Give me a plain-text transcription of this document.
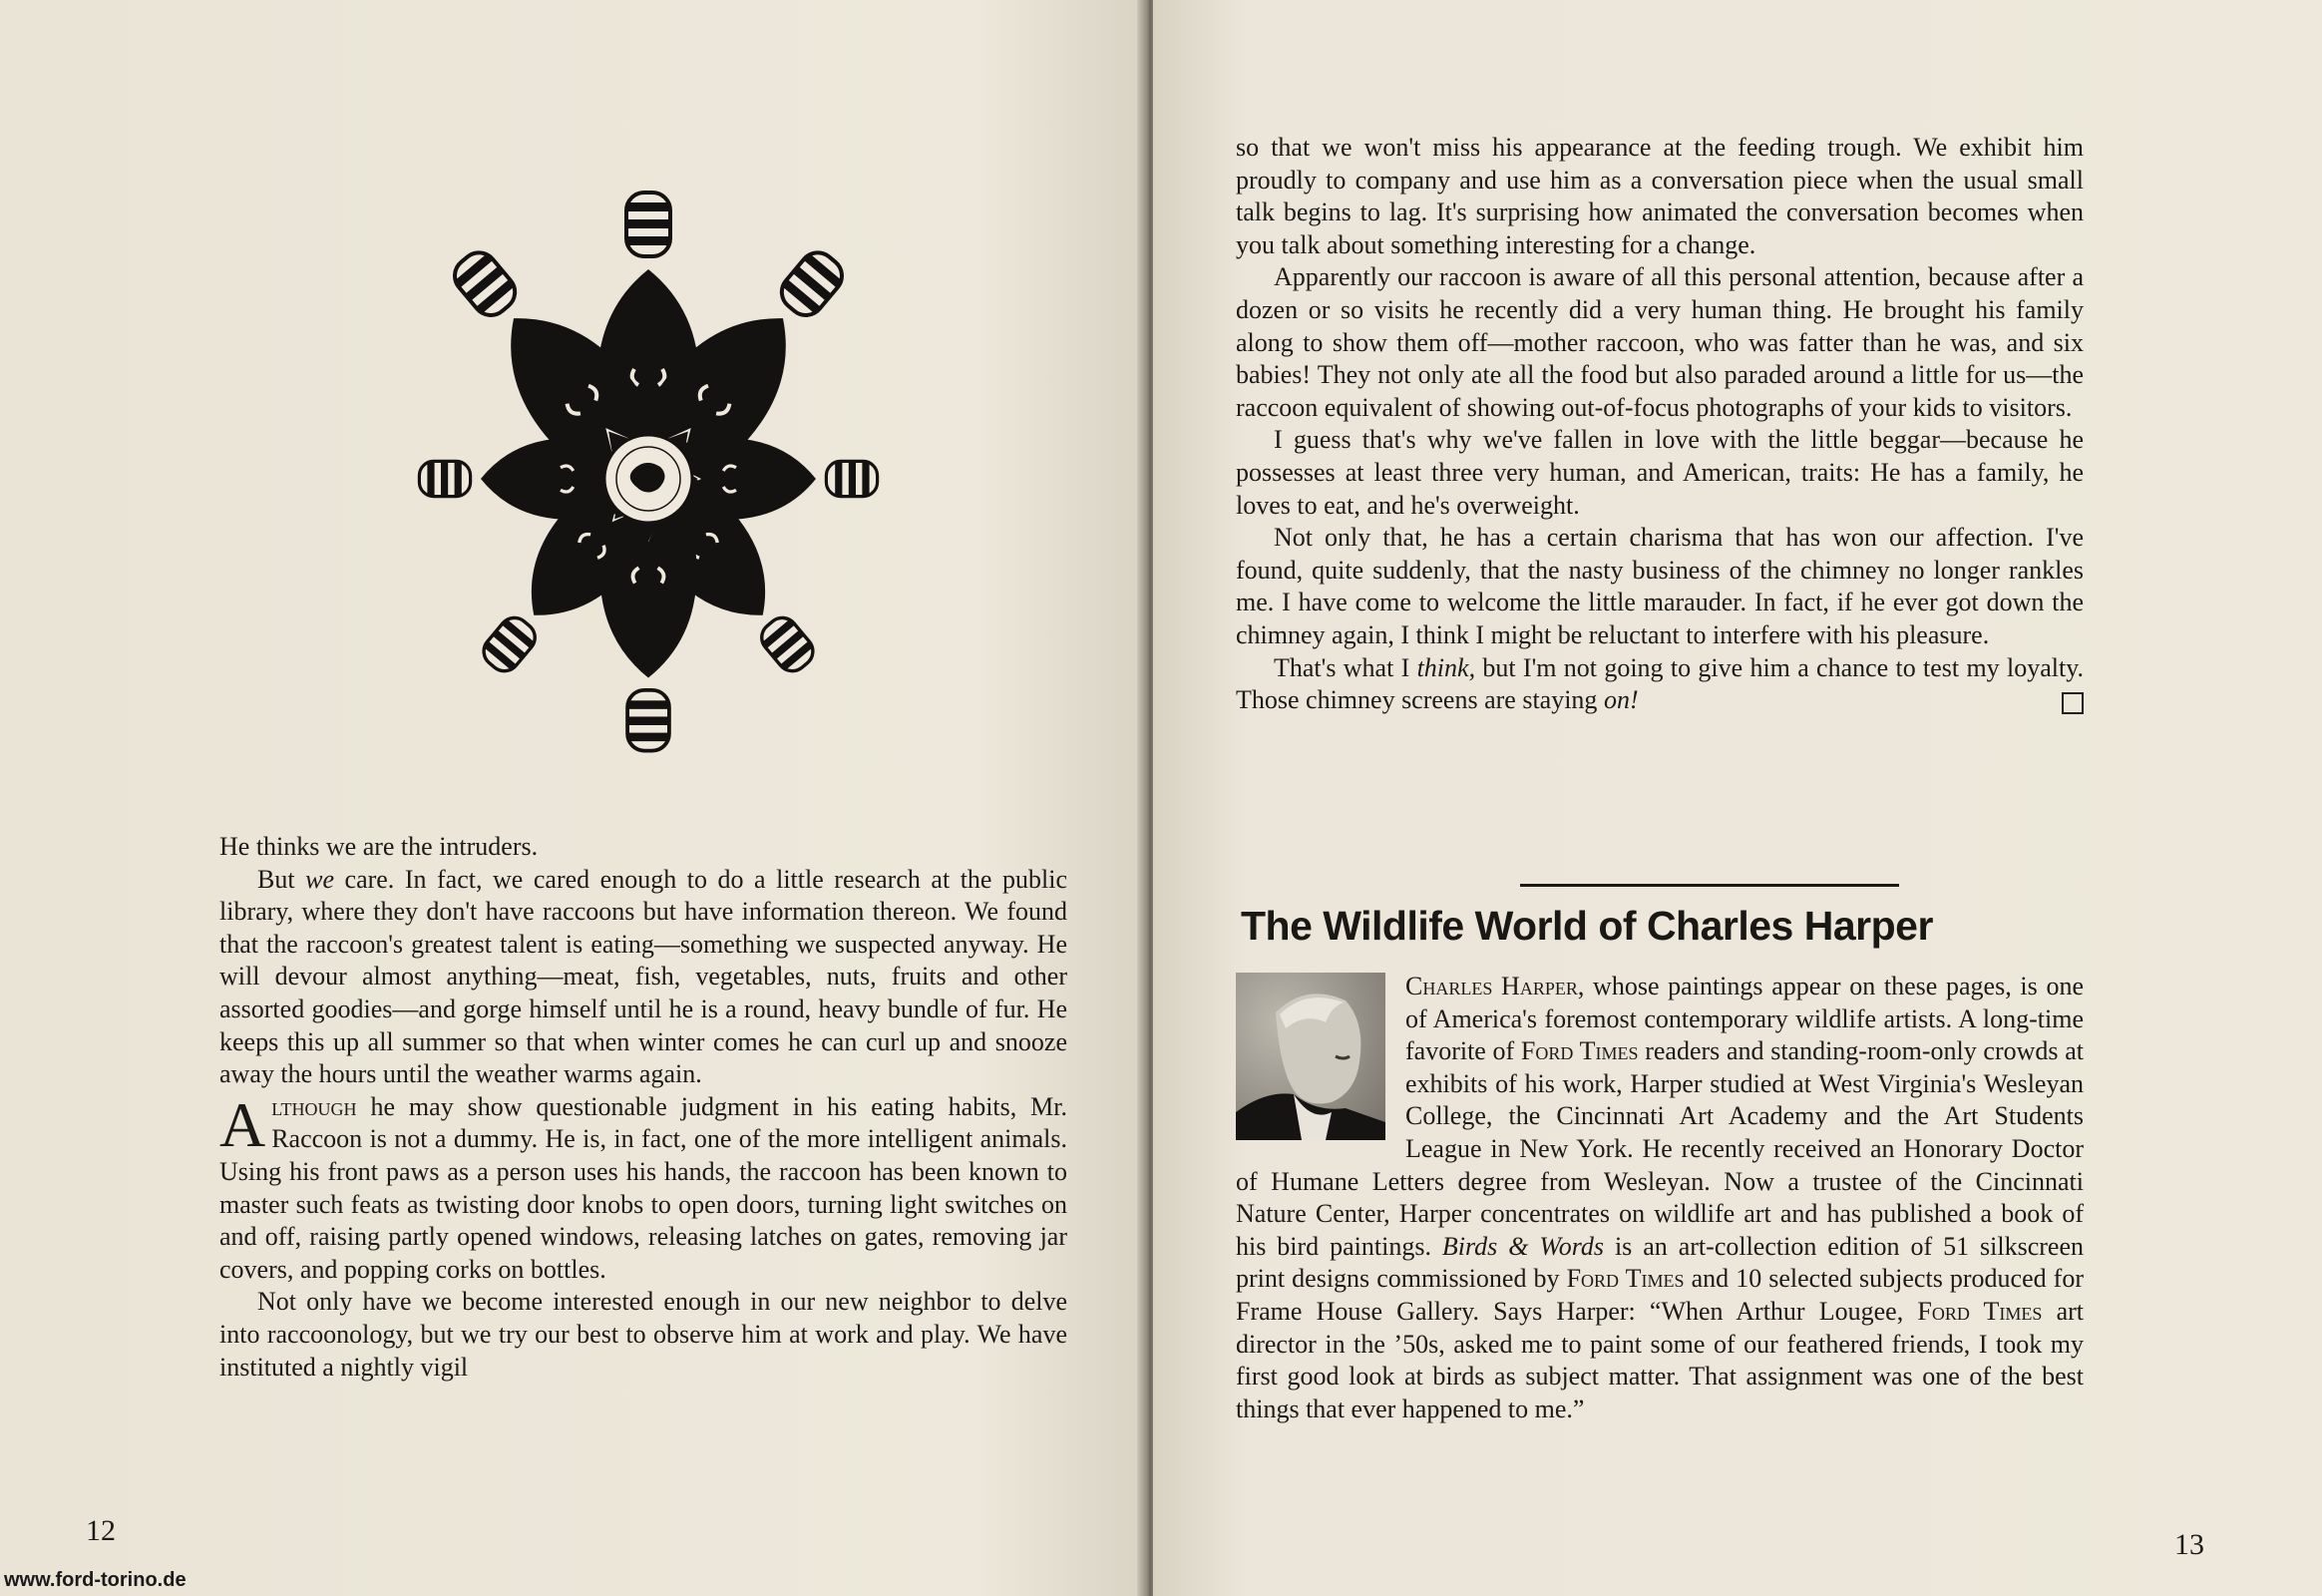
He thinks we are the intruders.

But we care. In fact, we cared enough to do a little research at the public library, where they don't have raccoons but have information thereon. We found that the raccoon's greatest talent is eating—something we suspected anyway. He will devour almost anything—meat, fish, vegetables, nuts, fruits and other assorted goodies—and gorge himself until he is a round, heavy bundle of fur. He keeps this up all summer so that when winter comes he can curl up and snooze away the hours until the weather warms again.

Although he may show questionable judgment in his eating habits, Mr. Raccoon is not a dummy. He is, in fact, one of the more intelligent animals. Using his front paws as a person uses his hands, the raccoon has been known to master such feats as twisting door knobs to open doors, turning light switches on and off, raising partly opened windows, releasing latches on gates, removing jar covers, and popping corks on bottles.

Not only have we become interested enough in our new neighbor to delve into raccoonology, but we try our best to observe him at work and play. We have instituted a nightly vigil

12
www.ford-torino.de

so that we won't miss his appearance at the feeding trough. We exhibit him proudly to company and use him as a conversation piece when the usual small talk begins to lag. It's surprising how animated the conversation becomes when you talk about something interesting for a change.

Apparently our raccoon is aware of all this personal attention, because after a dozen or so visits he recently did a very human thing. He brought his family along to show them off—mother raccoon, who was fatter than he was, and six babies! They not only ate all the food but also paraded around a little for us—the raccoon equivalent of showing out-of-focus photographs of your kids to visitors.

I guess that's why we've fallen in love with the little beggar—because he possesses at least three very human, and American, traits: He has a family, he loves to eat, and he's overweight.

Not only that, he has a certain charisma that has won our affection. I've found, quite suddenly, that the nasty business of the chimney no longer rankles me. I have come to welcome the little marauder. In fact, if he ever got down the chimney again, I think I might be reluctant to interfere with his pleasure.

That's what I think, but I'm not going to give him a chance to test my loyalty. Those chimney screens are staying on!

The Wildlife World of Charles Harper
Charles Harper, whose paintings appear on these pages, is one of America's foremost contemporary wildlife artists. A long-time favorite of Ford Times readers and standing-room-only crowds at exhibits of his work, Harper studied at West Virginia's Wesleyan College, the Cincinnati Art Academy and the Art Students League in New York. He recently received an Honorary Doctor of Humane Letters degree from Wesleyan. Now a trustee of the Cincinnati Nature Center, Harper concentrates on wildlife art and has published a book of his bird paintings. Birds & Words is an art-collection edition of 51 silkscreen print designs commissioned by Ford Times and 10 selected subjects produced for Frame House Gallery. Says Harper: “When Arthur Lougee, Ford Times art director in the ’50s, asked me to paint some of our feathered friends, I took my first good look at birds as subject matter. That assignment was one of the best things that ever happened to me.”
13
